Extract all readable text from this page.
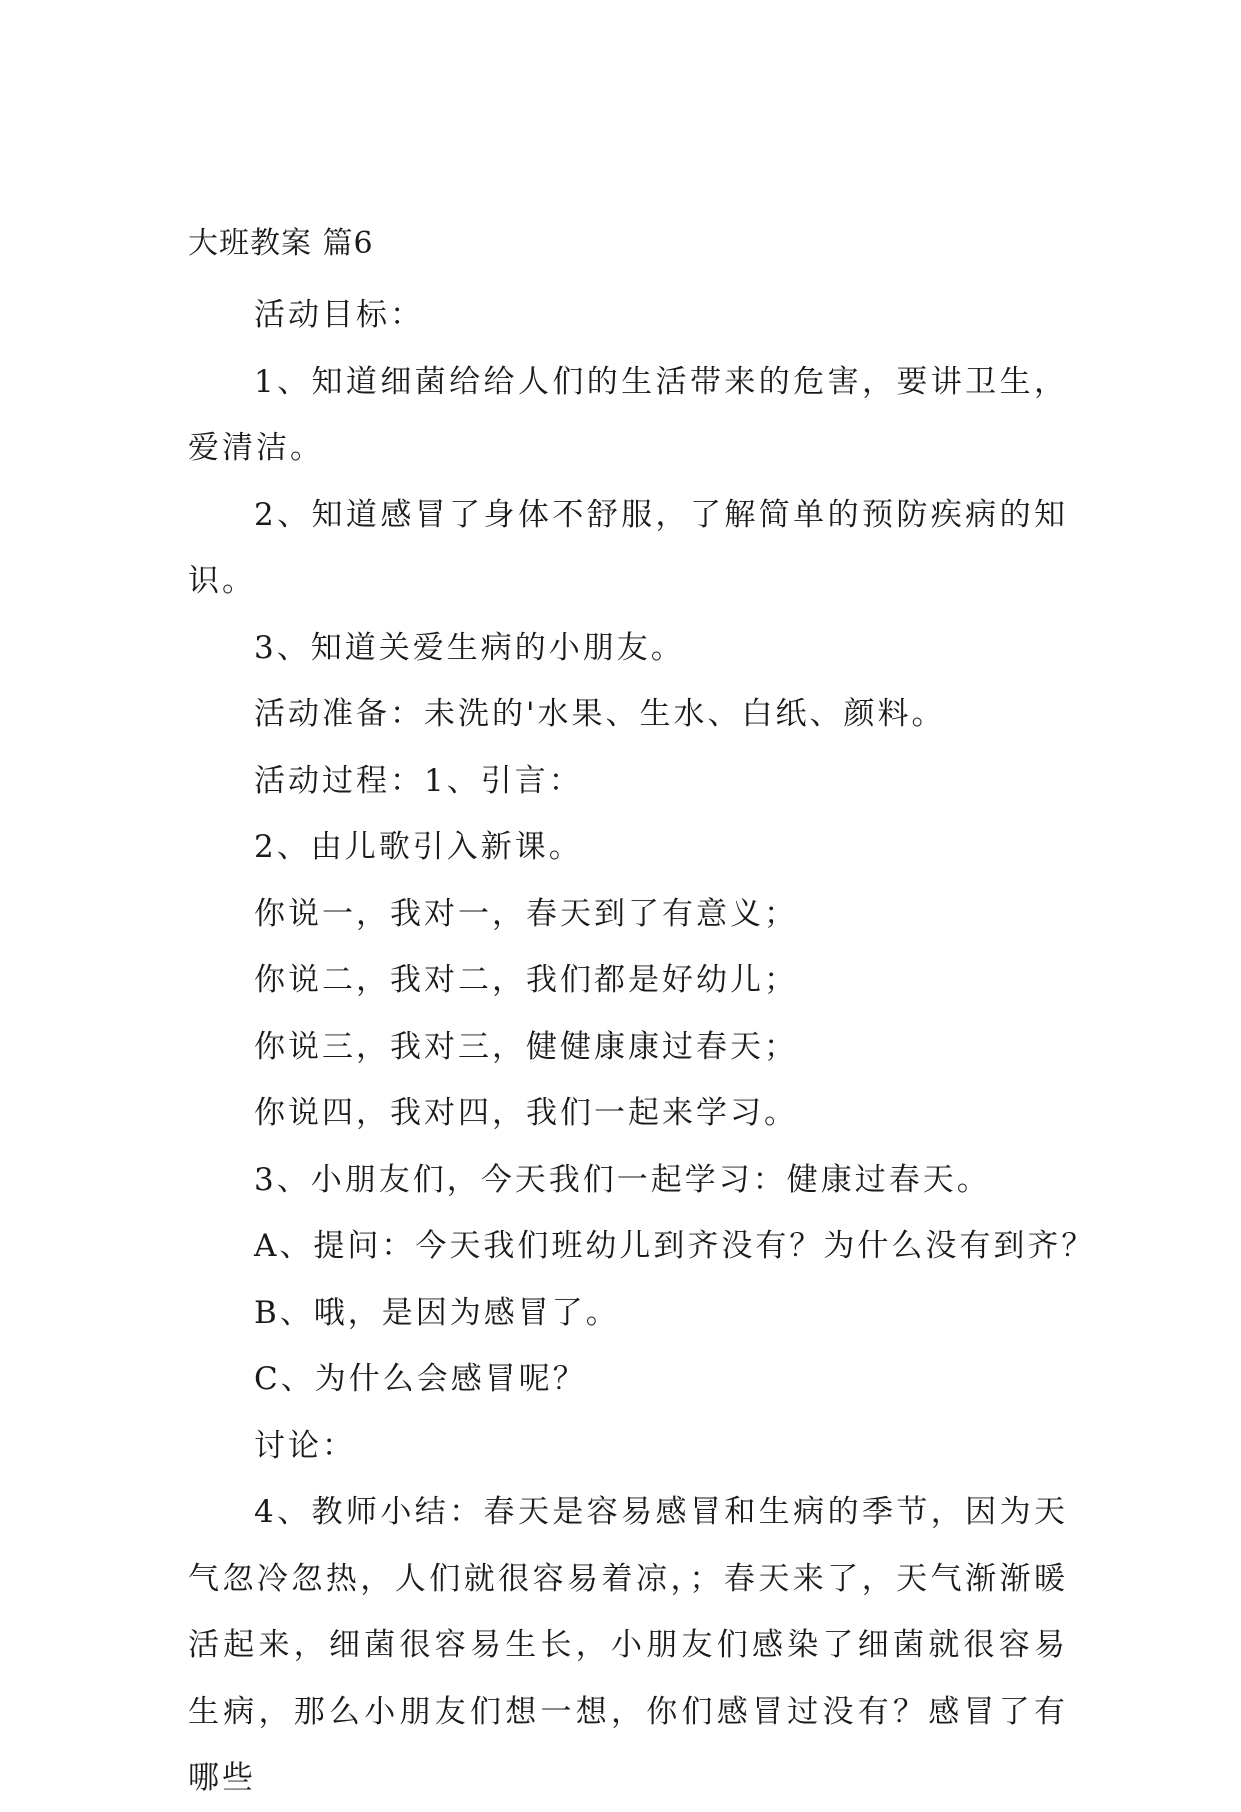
大班教案 篇6

活动目标：

1、知道细菌给给人们的生活带来的危害，要讲卫生，爱清洁。

2、知道感冒了身体不舒服，了解简单的预防疾病的知识。

3、知道关爱生病的小朋友。

活动准备：未洗的'水果、生水、白纸、颜料。

活动过程：1、引言：

2、由儿歌引入新课。

你说一，我对一，春天到了有意义；

你说二，我对二，我们都是好幼儿；

你说三，我对三，健健康康过春天；

你说四，我对四，我们一起来学习。

3、小朋友们，今天我们一起学习：健康过春天。

A、提问：今天我们班幼儿到齐没有？为什么没有到齐？

B、哦，是因为感冒了。

C、为什么会感冒呢？

讨论：

4、教师小结：春天是容易感冒和生病的季节，因为天气忽冷忽热，人们就很容易着凉，；春天来了，天气渐渐暖活起来，细菌很容易生长，小朋友们感染了细菌就很容易生病，那么小朋友们想一想，你们感冒过没有？感冒了有哪些
